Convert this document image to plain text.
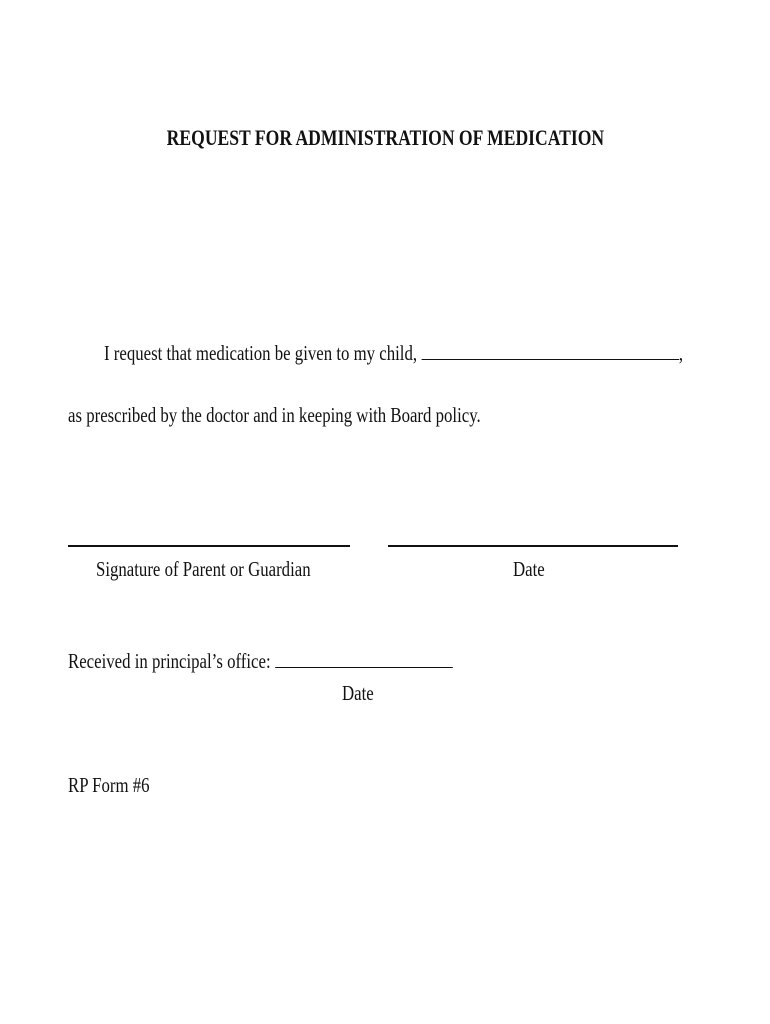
REQUEST FOR ADMINISTRATION OF MEDICATION
I request that medication be given to my child,	,
as prescribed by the doctor and in keeping with Board policy.
Signature of Parent or Guardian	Date
Received in principal’s office:
Date
RP Form #6
